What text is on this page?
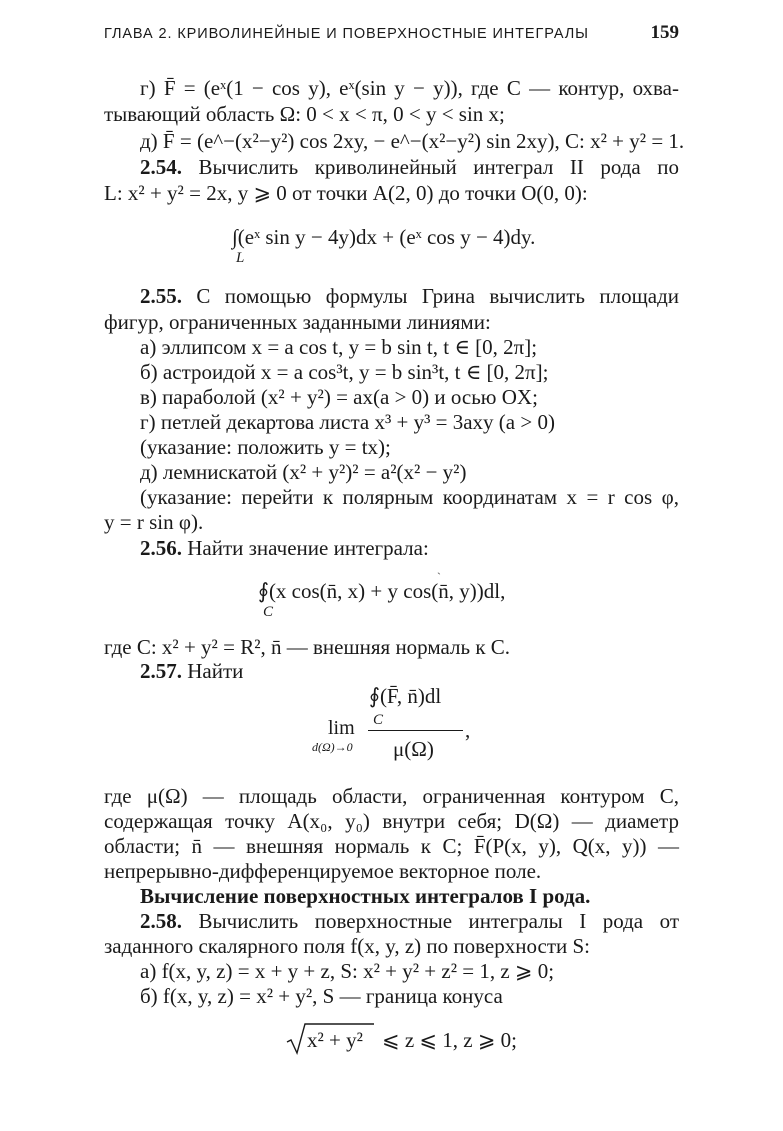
ГЛАВА 2. КРИВОЛИНЕЙНЫЕ И ПОВЕРХНОСТНЫЕ ИНТЕГРАЛЫ	159
г) F̄ = (eˣ(1 − cos y), eˣ(sin y − y)), где C — контур, охва-
тывающий область Ω: 0 < x < π, 0 < y < sin x;
д) F̄ = (e^−(x²−y²) cos 2xy, − e^−(x²−y²) sin 2xy), C: x² + y² = 1.
2.54. Вычислить криволинейный интеграл II рода по
L: x² + y² = 2x, y ⩾ 0 от точки A(2, 0) до точки O(0, 0):
∫(eˣ sin y − 4y)dx + (eˣ cos y − 4)dy.
L
2.55. С помощью формулы Грина вычислить площади
фигур, ограниченных заданными линиями:
а) эллипсом x = a cos t, y = b sin t, t ∈ [0, 2π];
б) астроидой x = a cos³t, y = b sin³t, t ∈ [0, 2π];
в) параболой (x² + y²) = ax(a > 0) и осью OX;
г) петлей декартова листа x³ + y³ = 3axy (a > 0)
(указание: положить y = tx);
д) лемнискатой (x² + y²)² = a²(x² − y²)
(указание: перейти к полярным координатам x = r cos φ,
y = r sin φ).
2.56. Найти значение интеграла:
ˎ
∮(x cos(n̄, x) + y cos(n̄, y))dl,
C
где C: x² + y² = R², n̄ — внешняя нормаль к C.
2.57. Найти
∮(F̄, n̄)dl
C
lim
d(Ω)→0 μ(Ω)
,
где μ(Ω) — площадь области, ограниченная контуром C,
содержащая точку A(x₀, y₀) внутри себя; D(Ω) — диаметр
области; n̄ — внешняя нормаль к C; F̄(P(x, y), Q(x, y)) —
непрерывно-дифференцируемое векторное поле.
Вычисление поверхностных интегралов I рода.
2.58. Вычислить поверхностные интегралы I рода от
заданного скалярного поля f(x, y, z) по поверхности S:
а) f(x, y, z) = x + y + z, S: x² + y² + z² = 1, z ⩾ 0;
б) f(x, y, z) = x² + y², S — граница конуса
x² + y² ⩽ z ⩽ 1, z ⩾ 0;
